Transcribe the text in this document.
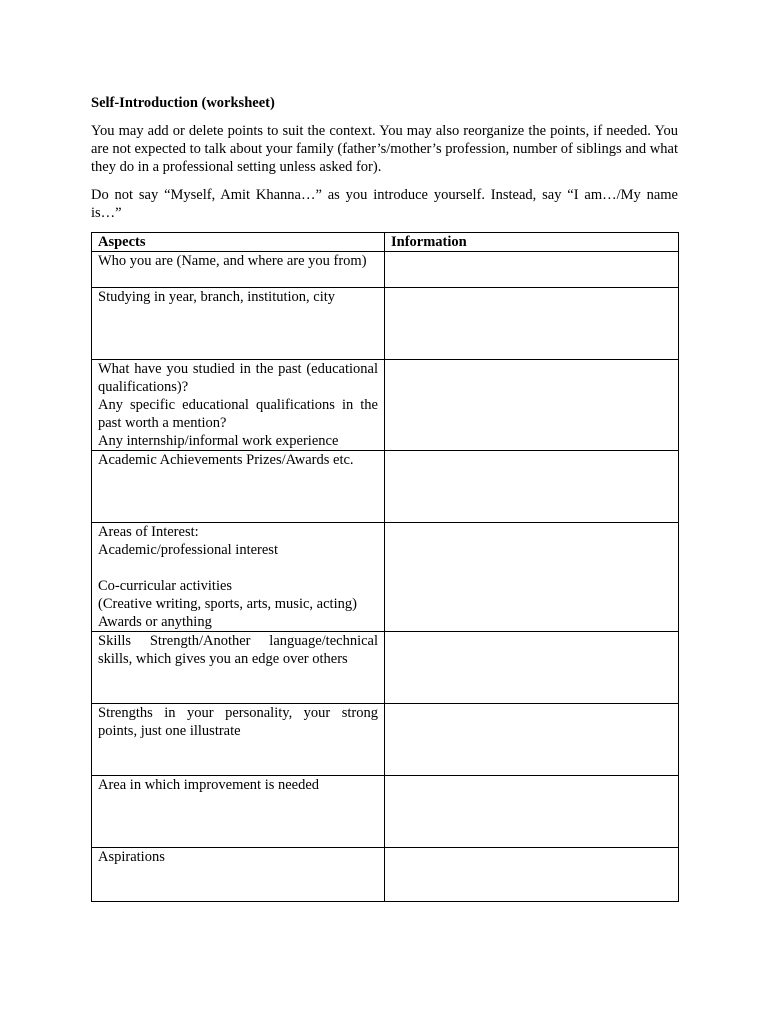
Self-Introduction (worksheet)

You may add or delete points to suit the context. You may also reorganize the points, if needed. You are not expected to talk about your family (father’s/mother’s profession, number of siblings and what they do in a professional setting unless asked for).

Do not say “Myself, Amit Khanna…” as you introduce yourself. Instead, say “I am…/My name is…”

Aspects	Information

Who you are (Name, and where are you from)	

Studying in year, branch, institution, city	

What have you studied in the past (educational qualifications)?
Any specific educational qualifications in the past worth a mention?
Any internship/informal work experience	

Academic Achievements Prizes/Awards etc.	

Areas of Interest:
Academic/professional interest
Co-curricular activities
(Creative writing, sports, arts, music, acting)
Awards or anything	

Skills Strength/Another language/technical skills, which gives you an edge over others	

Strengths in your personality, your strong points, just one illustrate	

Area in which improvement is needed	

Aspirations	
